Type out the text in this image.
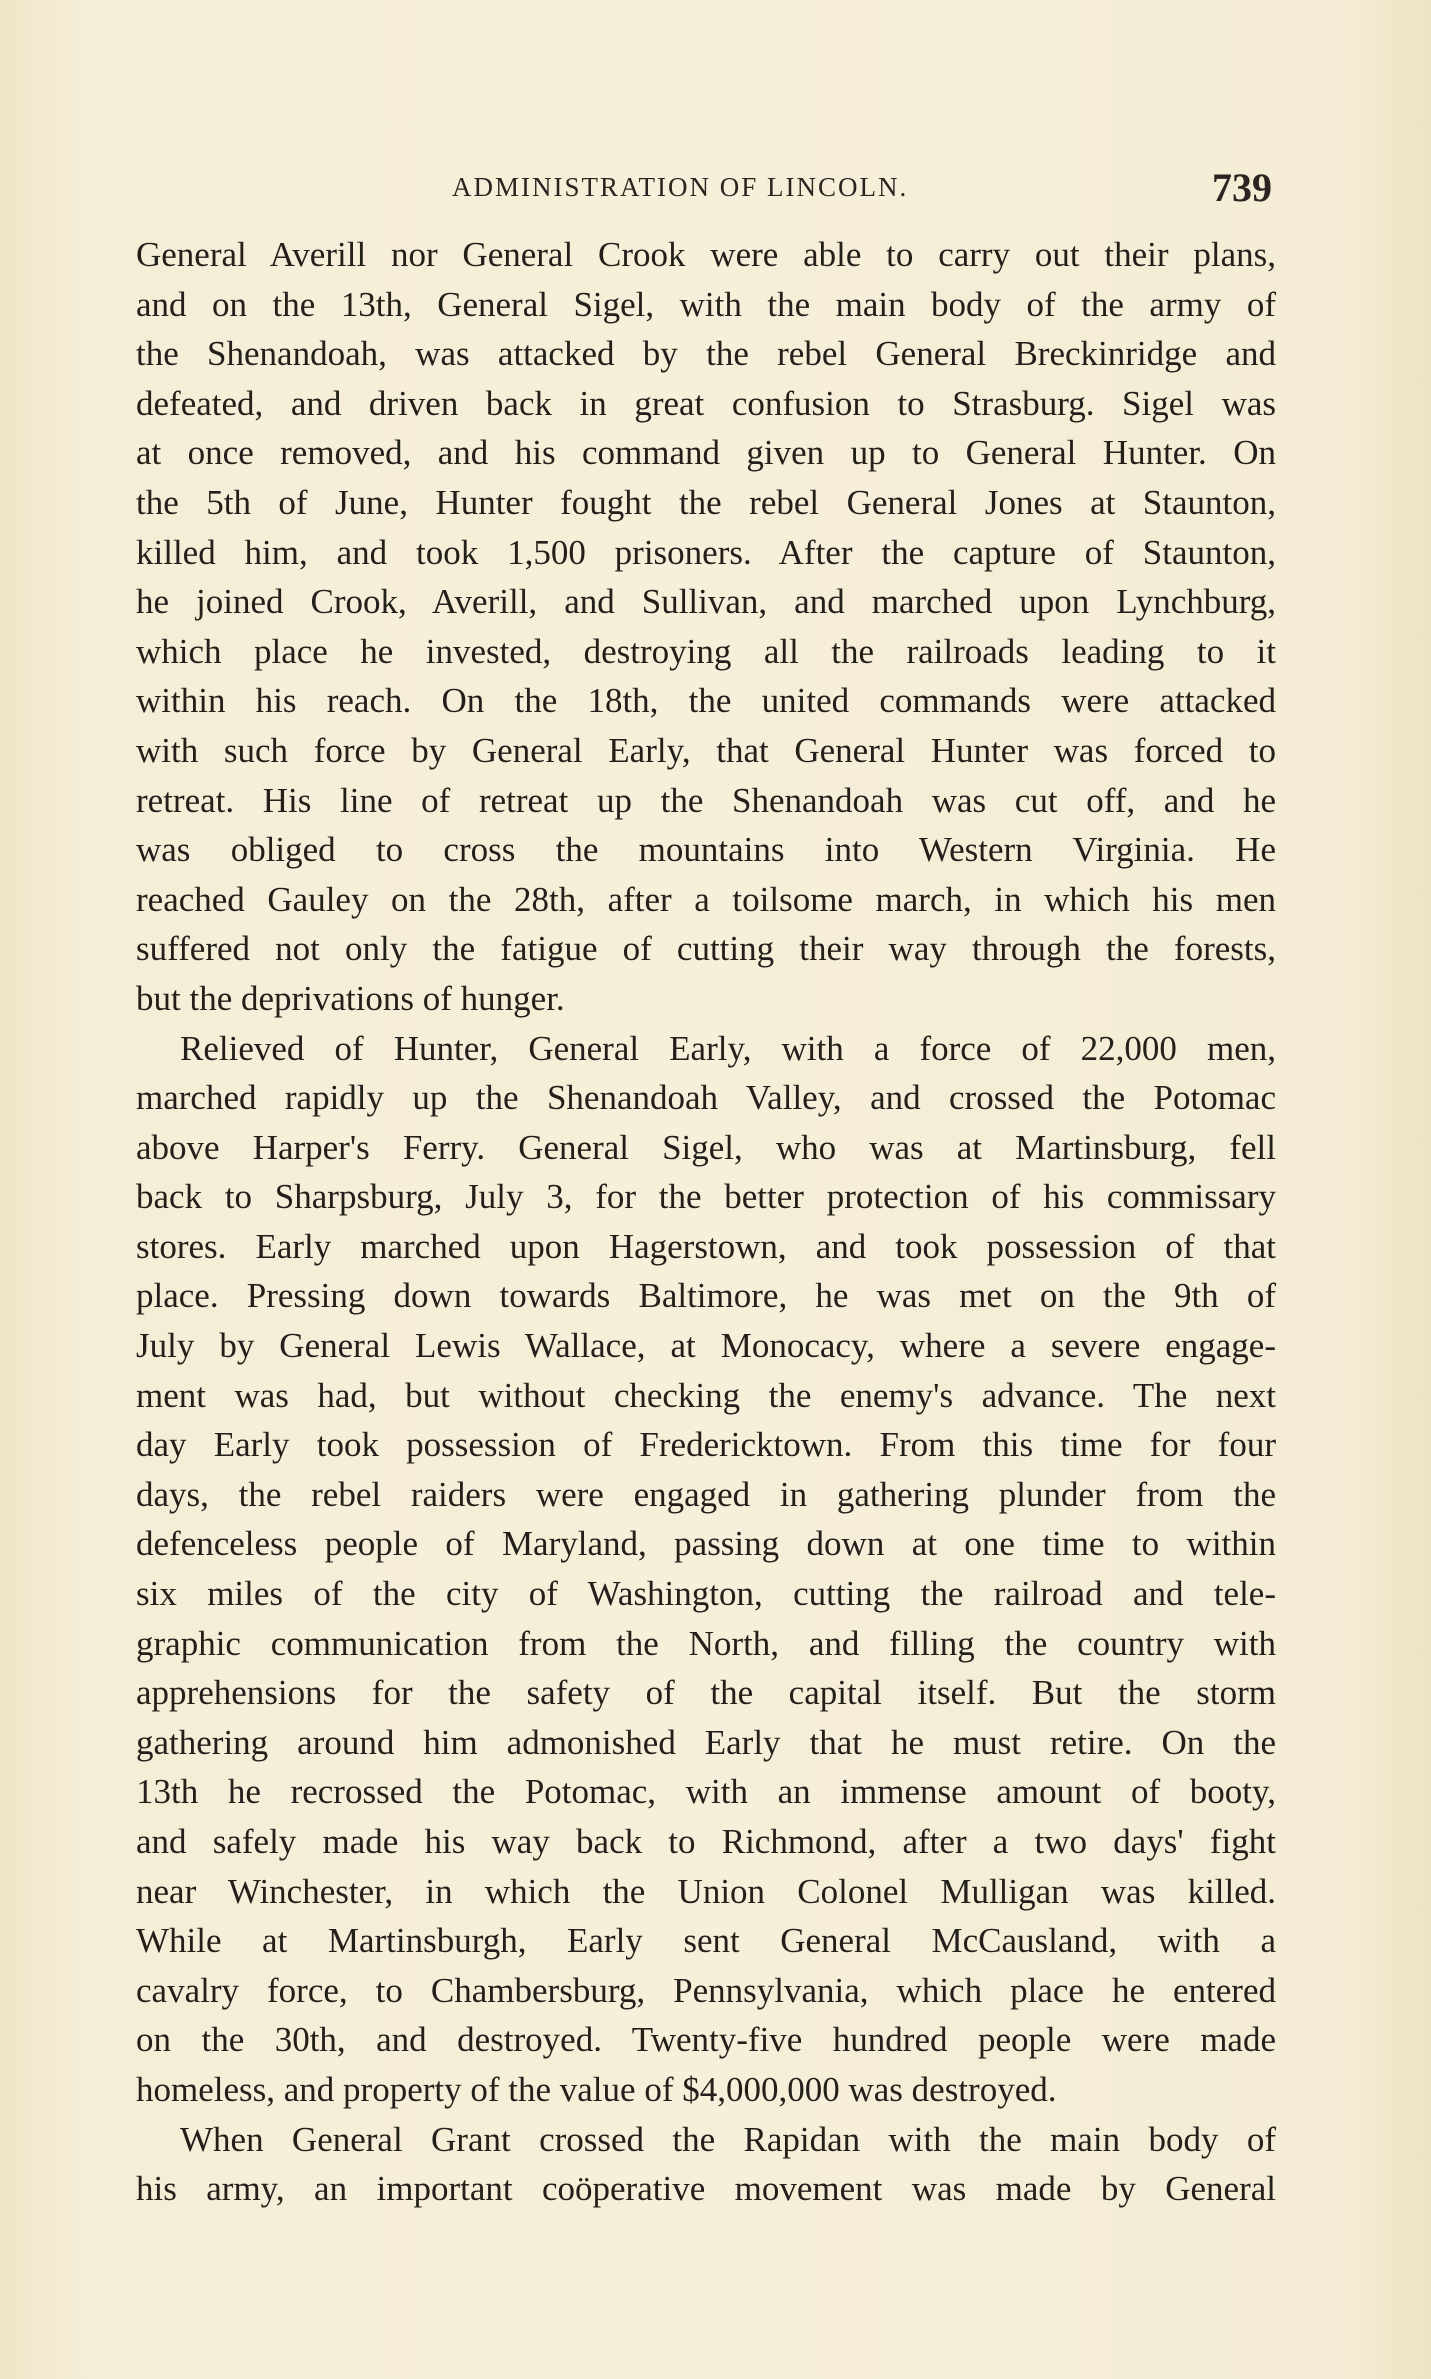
ADMINISTRATION OF LINCOLN.	739
General Averill nor General Crook were able to carry out their plans,
and on the 13th, General Sigel, with the main body of the army of
the Shenandoah, was attacked by the rebel General Breckinridge and
defeated, and driven back in great confusion to Strasburg. Sigel was
at once removed, and his command given up to General Hunter. On
the 5th of June, Hunter fought the rebel General Jones at Staunton,
killed him, and took 1,500 prisoners. After the capture of Staunton,
he joined Crook, Averill, and Sullivan, and marched upon Lynchburg,
which place he invested, destroying all the railroads leading to it
within his reach. On the 18th, the united commands were attacked
with such force by General Early, that General Hunter was forced to
retreat. His line of retreat up the Shenandoah was cut off, and he
was obliged to cross the mountains into Western Virginia. He
reached Gauley on the 28th, after a toilsome march, in which his men
suffered not only the fatigue of cutting their way through the forests,
but the deprivations of hunger.
Relieved of Hunter, General Early, with a force of 22,000 men,
marched rapidly up the Shenandoah Valley, and crossed the Potomac
above Harper's Ferry. General Sigel, who was at Martinsburg, fell
back to Sharpsburg, July 3, for the better protection of his commissary
stores. Early marched upon Hagerstown, and took possession of that
place. Pressing down towards Baltimore, he was met on the 9th of
July by General Lewis Wallace, at Monocacy, where a severe engage-
ment was had, but without checking the enemy's advance. The next
day Early took possession of Fredericktown. From this time for four
days, the rebel raiders were engaged in gathering plunder from the
defenceless people of Maryland, passing down at one time to within
six miles of the city of Washington, cutting the railroad and tele-
graphic communication from the North, and filling the country with
apprehensions for the safety of the capital itself. But the storm
gathering around him admonished Early that he must retire. On the
13th he recrossed the Potomac, with an immense amount of booty,
and safely made his way back to Richmond, after a two days' fight
near Winchester, in which the Union Colonel Mulligan was killed.
While at Martinsburgh, Early sent General McCausland, with a
cavalry force, to Chambersburg, Pennsylvania, which place he entered
on the 30th, and destroyed. Twenty-five hundred people were made
homeless, and property of the value of $4,000,000 was destroyed.
When General Grant crossed the Rapidan with the main body of
his army, an important coöperative movement was made by General
